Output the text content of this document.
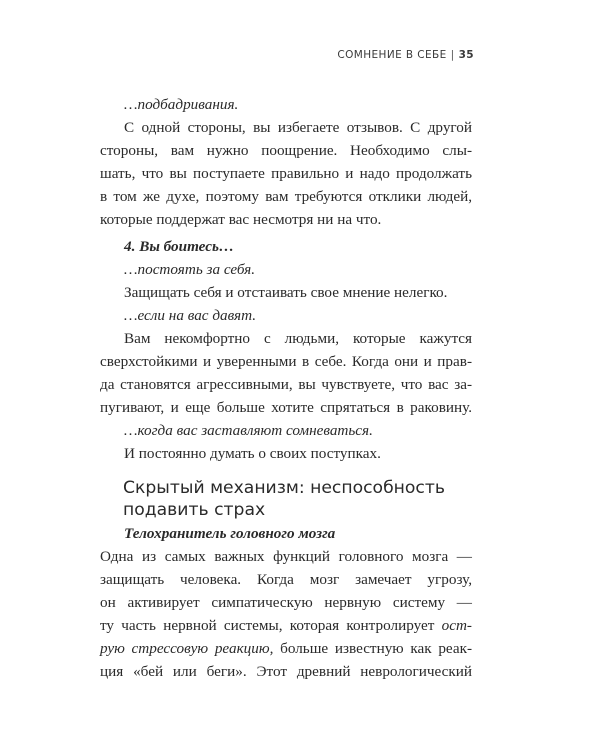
СОМНЕНИЕ В СЕБЕ | 35
…подбадривания.
С одной стороны, вы избегаете отзывов. С другой
стороны, вам нужно поощрение. Необходимо слы-
шать, что вы поступаете правильно и надо продолжать
в том же духе, поэтому вам требуются отклики людей,
которые поддержат вас несмотря ни на что.
4. Вы боитесь…
…постоять за себя.
Защищать себя и отстаивать свое мнение нелегко.
…если на вас давят.
Вам некомфортно с людьми, которые кажутся
сверхстойкими и уверенными в себе. Когда они и прав-
да становятся агрессивными, вы чувствуете, что вас за-
пугивают, и еще больше хотите спрятаться в раковину.
…когда вас заставляют сомневаться.
И постоянно думать о своих поступках.
Скрытый механизм: неспособность
подавить страх
Телохранитель головного мозга
Одна из самых важных функций головного мозга —
защищать человека. Когда мозг замечает угрозу,
он активирует симпатическую нервную систему —
ту часть нервной системы, которая контролирует ост-
рую стрессовую реакцию, больше известную как реак-
ция «бей или беги». Этот древний неврологический
